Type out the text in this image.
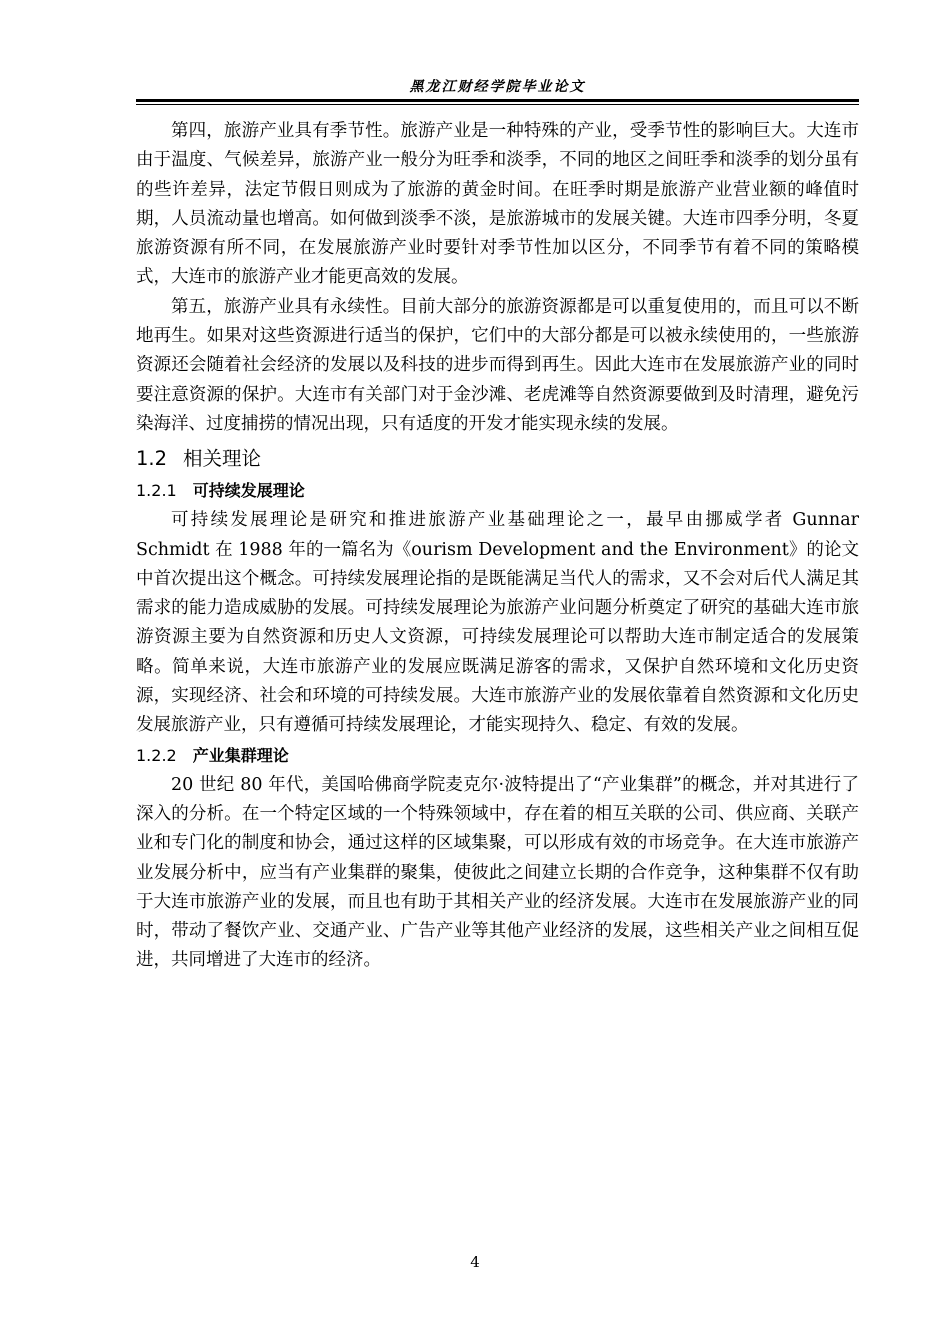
黑龙江财经学院毕业论文

第四，旅游产业具有季节性。旅游产业是一种特殊的产业，受季节性的影响巨大。大连市由于温度、气候差异，旅游产业一般分为旺季和淡季，不同的地区之间旺季和淡季的划分虽有的些许差异，法定节假日则成为了旅游的黄金时间。在旺季时期是旅游产业营业额的峰值时期，人员流动量也增高。如何做到淡季不淡，是旅游城市的发展关键。大连市四季分明，冬夏旅游资源有所不同，在发展旅游产业时要针对季节性加以区分，不同季节有着不同的策略模式，大连市的旅游产业才能更高效的发展。

第五，旅游产业具有永续性。目前大部分的旅游资源都是可以重复使用的，而且可以不断地再生。如果对这些资源进行适当的保护，它们中的大部分都是可以被永续使用的，一些旅游资源还会随着社会经济的发展以及科技的进步而得到再生。因此大连市在发展旅游产业的同时要注意资源的保护。大连市有关部门对于金沙滩、老虎滩等自然资源要做到及时清理，避免污染海洋、过度捕捞的情况出现，只有适度的开发才能实现永续的发展。

1.2 相关理论
1.2.1 可持续发展理论

可持续发展理论是研究和推进旅游产业基础理论之一，最早由挪威学者 Gunnar Schmidt 在 1988 年的一篇名为《ourism Development and the Environment》的论文中首次提出这个概念。可持续发展理论指的是既能满足当代人的需求，又不会对后代人满足其需求的能力造成威胁的发展。可持续发展理论为旅游产业问题分析奠定了研究的基础大连市旅游资源主要为自然资源和历史人文资源，可持续发展理论可以帮助大连市制定适合的发展策略。简单来说，大连市旅游产业的发展应既满足游客的需求，又保护自然环境和文化历史资源，实现经济、社会和环境的可持续发展。大连市旅游产业的发展依靠着自然资源和文化历史发展旅游产业，只有遵循可持续发展理论，才能实现持久、稳定、有效的发展。

1.2.2 产业集群理论

20 世纪 80 年代，美国哈佛商学院麦克尔·波特提出了“产业集群”的概念，并对其进行了深入的分析。在一个特定区域的一个特殊领域中，存在着的相互关联的公司、供应商、关联产业和专门化的制度和协会，通过这样的区域集聚，可以形成有效的市场竞争。在大连市旅游产业发展分析中，应当有产业集群的聚集，使彼此之间建立长期的合作竞争，这种集群不仅有助于大连市旅游产业的发展，而且也有助于其相关产业的经济发展。大连市在发展旅游产业的同时，带动了餐饮产业、交通产业、广告产业等其他产业经济的发展，这些相关产业之间相互促进，共同增进了大连市的经济。

4
